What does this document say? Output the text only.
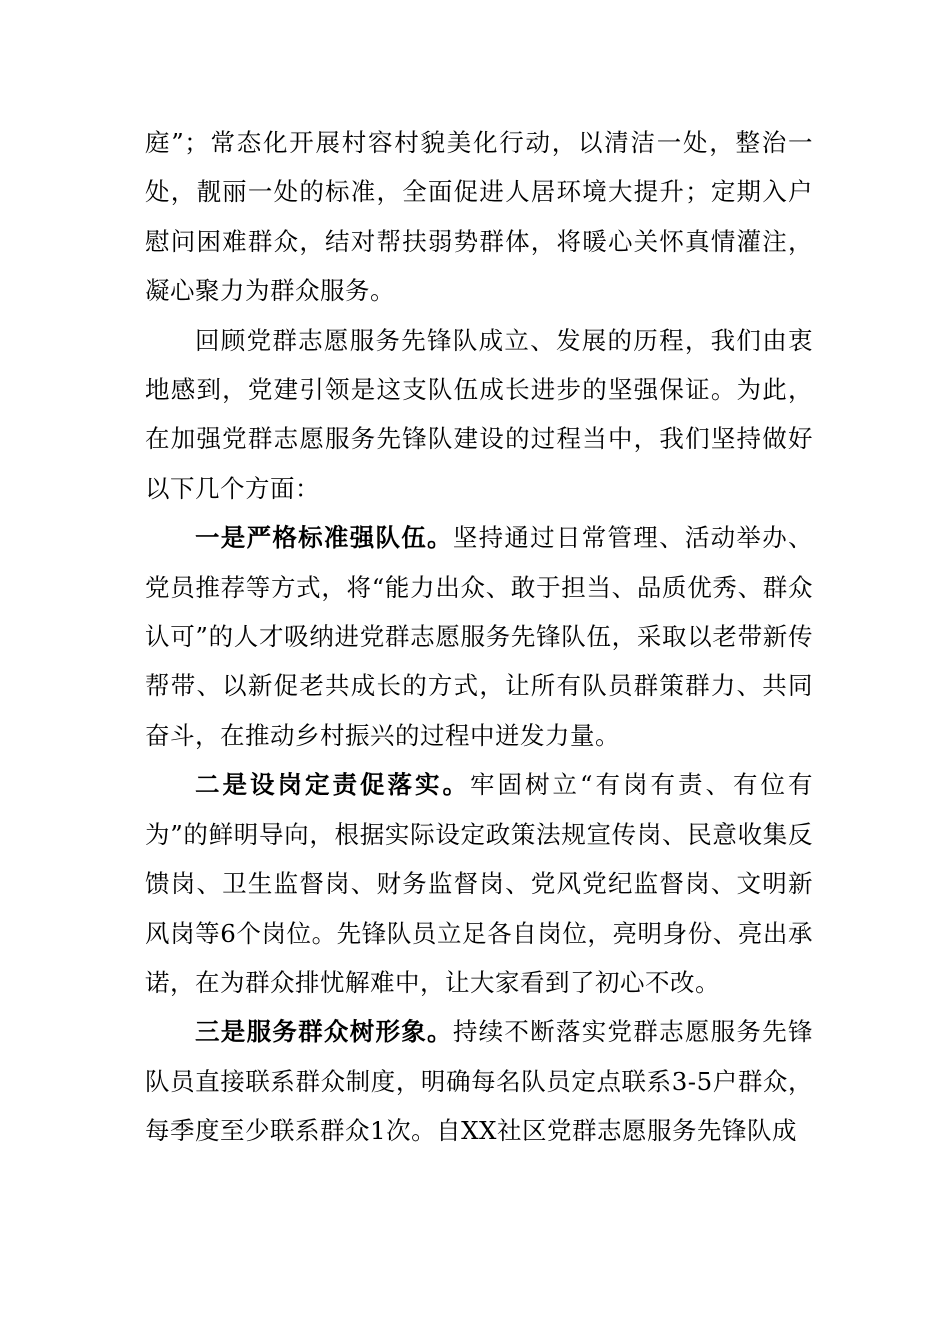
庭”；常态化开展村容村貌美化行动，以清洁一处，整治一处，靓丽一处的标准，全面促进人居环境大提升；定期入户慰问困难群众，结对帮扶弱势群体，将暖心关怀真情灌注，凝心聚力为群众服务。

回顾党群志愿服务先锋队成立、发展的历程，我们由衷地感到，党建引领是这支队伍成长进步的坚强保证。为此，在加强党群志愿服务先锋队建设的过程当中，我们坚持做好以下几个方面：

一是严格标准强队伍。坚持通过日常管理、活动举办、党员推荐等方式，将“能力出众、敢于担当、品质优秀、群众认可”的人才吸纳进党群志愿服务先锋队伍，采取以老带新传帮带、以新促老共成长的方式，让所有队员群策群力、共同奋斗，在推动乡村振兴的过程中迸发力量。

二是设岗定责促落实。牢固树立“有岗有责、有位有为”的鲜明导向，根据实际设定政策法规宣传岗、民意收集反馈岗、卫生监督岗、财务监督岗、党风党纪监督岗、文明新风岗等6个岗位。先锋队员立足各自岗位，亮明身份、亮出承诺，在为群众排忧解难中，让大家看到了初心不改。

三是服务群众树形象。持续不断落实党群志愿服务先锋队员直接联系群众制度，明确每名队员定点联系3-5户群众，每季度至少联系群众1次。自XX社区党群志愿服务先锋队成
